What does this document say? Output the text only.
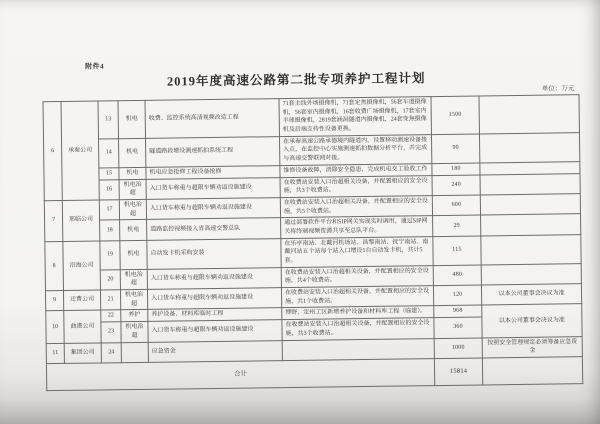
附件4
2019年度高速公路第二批专项养护工程计划
单位：万元
6	承秦公司	13	机电	收费、监控系统高清视频改造工程	71套主线外场摄像机，71套定焦摄像机，56套车道摄像机，56套室内摄像机，16套收费广场摄像机，17套室内半球摄像机，2819套涵洞隧道内摄像机，24套变焦摄像机及后端支持性设备更换。	1500	
		14	机电	隧道路段增设测速抓拍系统工程	在承秦高速公路承德境内隧道内，设置移动测速设备接入点，在监控中心实施测速抓拍数据分析平台，并完成与高速交警联网对接。	90	
		15	机电	机电应急抢修工程设备抢修	维修设备故障，消除安全隐患，完成机电交工验收工作	180	
		16	机电治超	入口货车称重与超限车辆劝返设施建设	在收费站安装入口治超相关设备，并配置相应的安全设施，共3个收费站。	240	
7	邢临公司	17	机电治超	入口货车称重与超限车辆劝返设施建设	在收费站安装入口治超相关设备，并配置相应的安全设施，共5个收费站。	600	
		18	机电	道路监控视频接入省高速交警总队	通过部署软件平台和SIP网关实现实时调用，通过SIP网关将终端视频资源共享至总队平台。	29	
8	沿海公司	19	机电	自动发卡机采购安装	在乐亭南站、北戴河机场站、昌黎南站、抚宁南站、南戴河站五个站每个站入口增设1台自动发卡机，共计5套。	115	
		20	机电治超	入口货车称重与超限车辆劝返设施建设	在收费站安装入口治超相关设备，并配置相应的安全设施，共4个收费站。	480	
9	迁曹公司	21	机电治超	入口货车称重与超限车辆劝返设施建设	在收费站安装入口治超相关设备，并配置相应的安全设施，共1个收费站。	120	以本公司董事会决议为准
10	曲港公司	22	养护	养护设备、材料库临时工程	博野、定州工区新增养护设备和材料库工程（临建）。	968	以本公司董事会决议为准
		23	机电治超	入口货车称重与超限车辆劝返设施建设	在收费站安装入口治超相关设备，并配置相应的安全设施，共3个收费站。	360	
11	集团公司	24		应急资金		1000	按照安全管理规定必须筹备应急资金
合计						15814	
